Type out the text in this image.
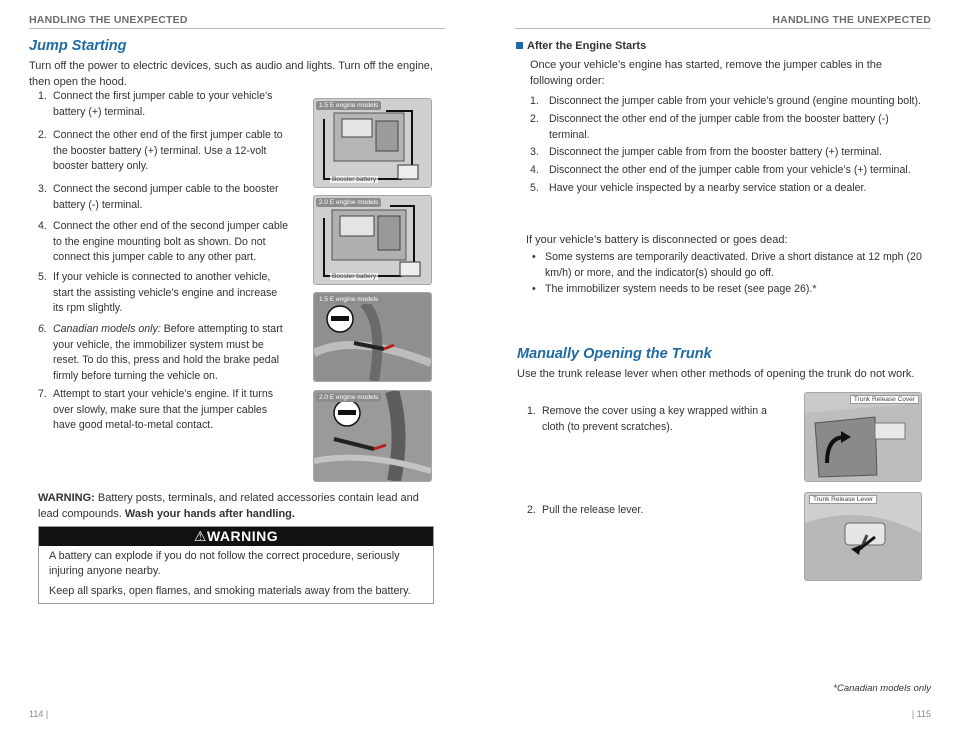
HANDLING THE UNEXPECTED	HANDLING THE UNEXPECTED
Jump Starting
Turn off the power to electric devices, such as audio and lights. Turn off the engine, then open the hood.
1. Connect the first jumper cable to your vehicle’s battery (+) terminal.
2. Connect the other end of the first jumper cable to the booster battery (+) terminal. Use a 12-volt booster battery only.
3. Connect the second jumper cable to the booster battery (-) terminal.
4. Connect the other end of the second jumper cable to the engine mounting bolt as shown. Do not connect this jumper cable to any other part.
5. If your vehicle is connected to another vehicle, start the assisting vehicle’s engine and increase its rpm slightly.
6. Canadian models only: Before attempting to start your vehicle, the immobilizer system must be reset. To do this, press and hold the brake pedal firmly before turning the vehicle on.
7. Attempt to start your vehicle’s engine. If it turns over slowly, make sure that the jumper cables have good metal-to-metal contact.
1.5 E engine models
Booster battery
2.0 E engine models
Booster battery
1.5 E engine models
2.0 E engine models
WARNING: Battery posts, terminals, and related accessories contain lead and lead compounds. Wash your hands after handling.
⚠WARNING

A battery can explode if you do not follow the correct procedure, seriously injuring anyone nearby.

Keep all sparks, open flames, and smoking materials away from the battery.

114 |
After the Engine Starts
Once your vehicle’s engine has started, remove the jumper cables in the following order:
1. Disconnect the jumper cable from your vehicle’s ground (engine mounting bolt).
2. Disconnect the other end of the jumper cable from the booster battery (-) terminal.
3. Disconnect the jumper cable from from the booster battery (+) terminal.
4. Disconnect the other end of the jumper cable from your vehicle’s (+) terminal.
5. Have your vehicle inspected by a nearby service station or a dealer.
If your vehicle’s battery is disconnected or goes dead:
• Some systems are temporarily deactivated. Drive a short distance at 12 mph (20 km/h) or more, and the indicator(s) should go off.
• The immobilizer system needs to be reset (see page 26).*
Manually Opening the Trunk
Use the trunk release lever when other methods of opening the trunk do not work.
1. Remove the cover using a key wrapped within a cloth (to prevent scratches).
2. Pull the release lever.
Trunk Release Cover
Trunk Release Lever
*Canadian models only
| 115
